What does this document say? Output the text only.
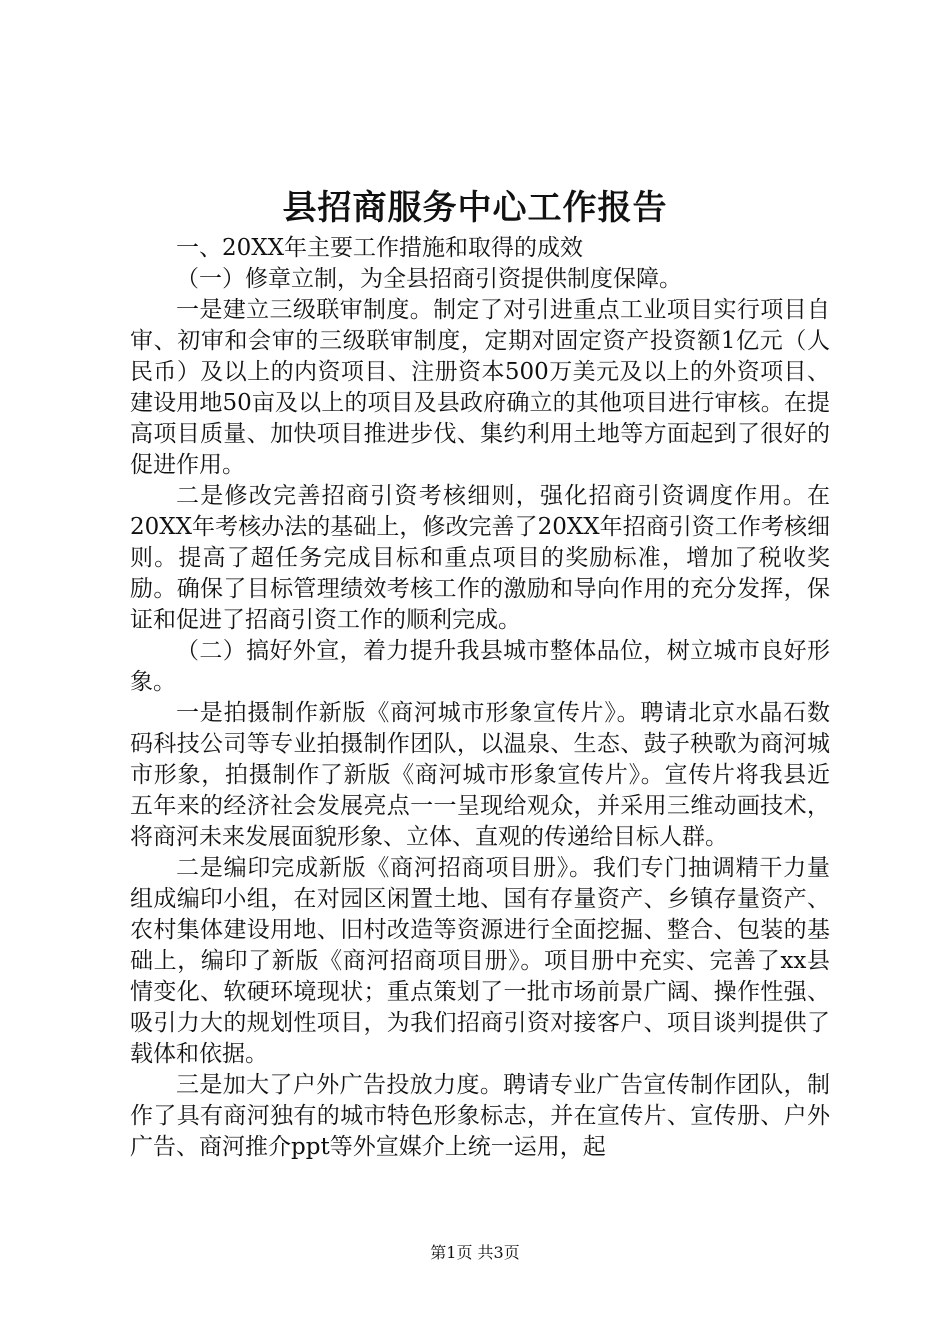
县招商服务中心工作报告

一、20XX年主要工作措施和取得的成效

（一）修章立制，为全县招商引资提供制度保障。

一是建立三级联审制度。制定了对引进重点工业项目实行项目自审、初审和会审的三级联审制度，定期对固定资产投资额1亿元（人民币）及以上的内资项目、注册资本500万美元及以上的外资项目、建设用地50亩及以上的项目及县政府确立的其他项目进行审核。在提高项目质量、加快项目推进步伐、集约利用土地等方面起到了很好的促进作用。

二是修改完善招商引资考核细则，强化招商引资调度作用。在20XX年考核办法的基础上，修改完善了20XX年招商引资工作考核细则。提高了超任务完成目标和重点项目的奖励标准，增加了税收奖励。确保了目标管理绩效考核工作的激励和导向作用的充分发挥，保证和促进了招商引资工作的顺利完成。

（二）搞好外宣，着力提升我县城市整体品位，树立城市良好形象。

一是拍摄制作新版《商河城市形象宣传片》。聘请北京水晶石数码科技公司等专业拍摄制作团队，以温泉、生态、鼓子秧歌为商河城市形象，拍摄制作了新版《商河城市形象宣传片》。宣传片将我县近五年来的经济社会发展亮点一一呈现给观众，并采用三维动画技术，将商河未来发展面貌形象、立体、直观的传递给目标人群。

二是编印完成新版《商河招商项目册》。我们专门抽调精干力量组成编印小组，在对园区闲置土地、国有存量资产、乡镇存量资产、农村集体建设用地、旧村改造等资源进行全面挖掘、整合、包装的基础上，编印了新版《商河招商项目册》。项目册中充实、完善了xx县情变化、软硬环境现状；重点策划了一批市场前景广阔、操作性强、吸引力大的规划性项目，为我们招商引资对接客户、项目谈判提供了载体和依据。

三是加大了户外广告投放力度。聘请专业广告宣传制作团队，制作了具有商河独有的城市特色形象标志，并在宣传片、宣传册、户外广告、商河推介ppt等外宣媒介上统一运用，起

第1页 共3页
